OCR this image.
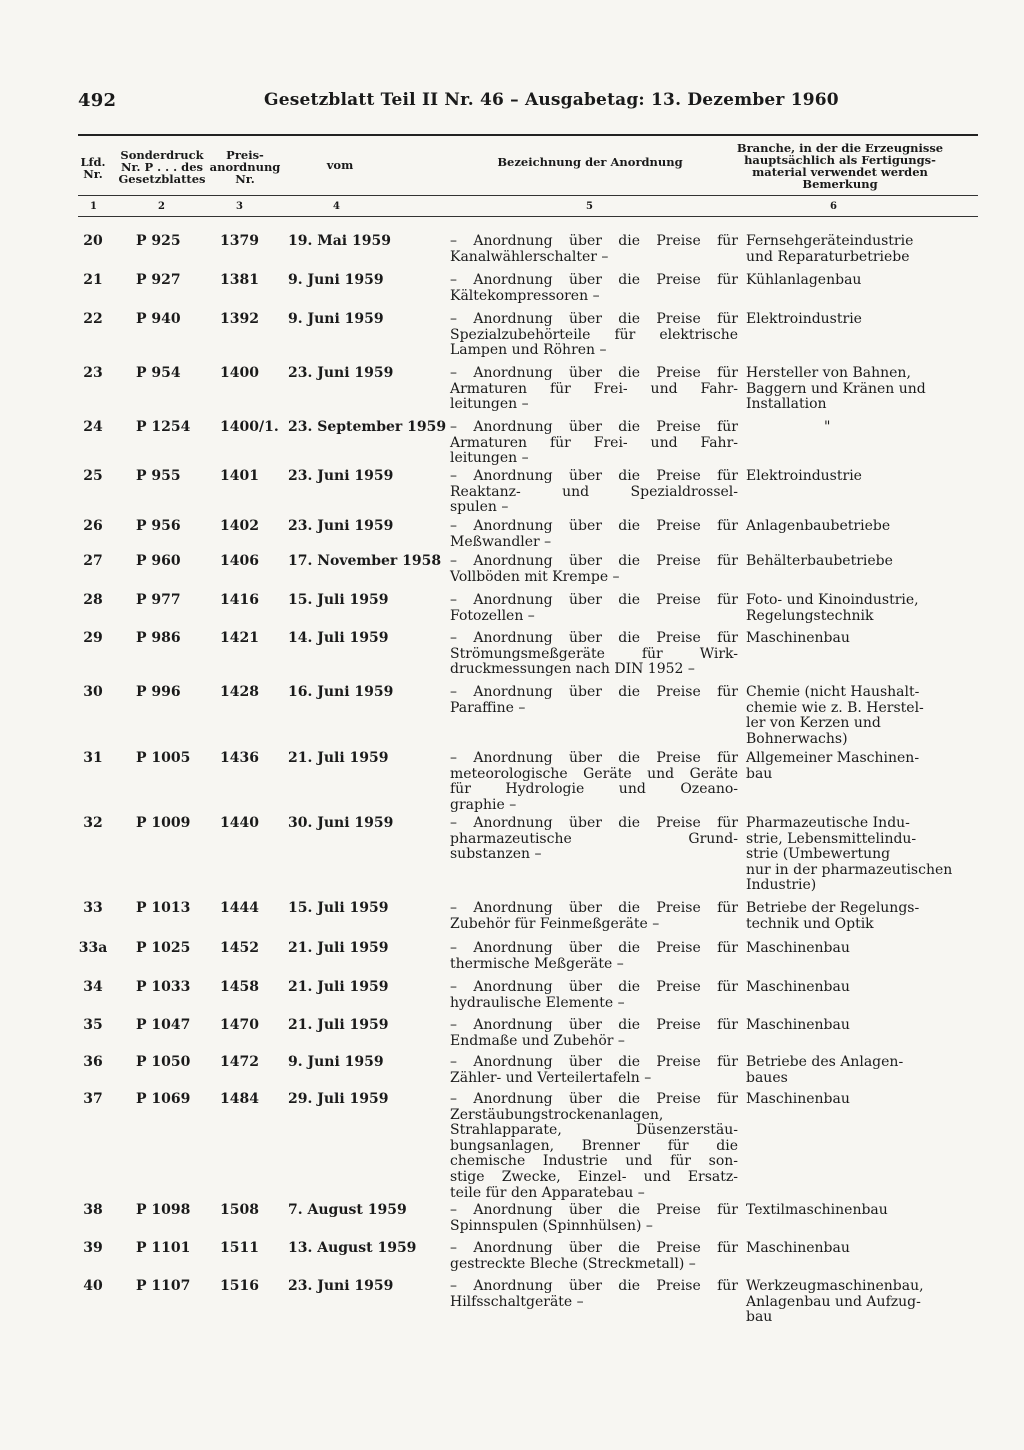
492	Gesetzblatt Teil II Nr. 46 – Ausgabetag: 13. Dezember 1960
Lfd.
Nr.
Sonderdruck
Nr. P . . . des
Gesetzblattes
Preis-
anordnung
Nr.
vom	Bezeichnung der Anordnung
Branche, in der die Erzeugnisse
hauptsächlich als Fertigungs-
material verwendet werden
Bemerkung
1	2	3	4	5	6
20	P 925	1379	19. Mai 1959	– Anordnung über die Preise für
Kanalwählerschalter –
Fernsehgeräteindustrie
und Reparaturbetriebe
21	P 927	1381	9. Juni 1959	– Anordnung über die Preise für
Kältekompressoren –
Kühlanlagenbau
22	P 940	1392	9. Juni 1959	– Anordnung über die Preise für
Spezialzubehörteile für elektrische
Lampen und Röhren –
Elektroindustrie
23	P 954	1400	23. Juni 1959	– Anordnung über die Preise für
Armaturen für Frei- und Fahr-
leitungen –
Hersteller von Bahnen,
Baggern und Kränen und
Installation
24	P 1254	1400/1. 23. September 1959 – Anordnung über die Preise für
Armaturen für Frei- und Fahr-
leitungen –
"
25	P 955	1401	23. Juni 1959	– Anordnung über die Preise für
Reaktanz- und Spezialdrossel-
spulen –
Elektroindustrie
26	P 956	1402	23. Juni 1959	– Anordnung über die Preise für
Meßwandler –
Anlagenbaubetriebe
27	P 960	1406	17. November 1958 – Anordnung über die Preise für
Vollböden mit Krempe –
Behälterbaubetriebe
28	P 977	1416	15. Juli 1959	– Anordnung über die Preise für
Fotozellen –
Foto- und Kinoindustrie,
Regelungstechnik
29	P 986	1421	14. Juli 1959	– Anordnung über die Preise für
Strömungsmeßgeräte für Wirk-
druckmessungen nach DIN 1952 –
Maschinenbau
30	P 996	1428	16. Juni 1959	– Anordnung über die Preise für
Paraffine –
Chemie (nicht Haushalt-
chemie wie z. B. Herstel-
ler von Kerzen und
Bohnerwachs)
31	P 1005	1436	21. Juli 1959	– Anordnung über die Preise für
meteorologische Geräte und Geräte
für Hydrologie und Ozeano-
graphie –
Allgemeiner Maschinen-
bau
32	P 1009	1440	30. Juni 1959	– Anordnung über die Preise für
pharmazeutische Grund-
substanzen –
Pharmazeutische Indu-
strie, Lebensmittelindu-
strie (Umbewertung
nur in der pharmazeutischen
Industrie)
33	P 1013	1444	15. Juli 1959	– Anordnung über die Preise für
Zubehör für Feinmeßgeräte –
Betriebe der Regelungs-
technik und Optik
33a P 1025	1452	21. Juli 1959	– Anordnung über die Preise für
thermische Meßgeräte –
Maschinenbau
34	P 1033	1458	21. Juli 1959	– Anordnung über die Preise für
hydraulische Elemente –
Maschinenbau
35	P 1047	1470	21. Juli 1959	– Anordnung über die Preise für
Endmaße und Zubehör –
Maschinenbau
36	P 1050	1472	9. Juni 1959	– Anordnung über die Preise für
Zähler- und Verteilertafeln –
Betriebe des Anlagen-
baues
37	P 1069	1484	29. Juli 1959	– Anordnung über die Preise für
Zerstäubungstrockenanlagen,
Strahlapparate, Düsenzerstäu-
bungsanlagen, Brenner für die
chemische Industrie und für son-
stige Zwecke, Einzel- und Ersatz-
teile für den Apparatebau –
Maschinenbau
38	P 1098	1508	7. August 1959	– Anordnung über die Preise für
Spinnspulen (Spinnhülsen) –
Textilmaschinenbau
39	P 1101	1511	13. August 1959	– Anordnung über die Preise für
gestreckte Bleche (Streckmetall) –
Maschinenbau
40	P 1107	1516	23. Juni 1959	– Anordnung über die Preise für
Hilfsschaltgeräte –
Werkzeugmaschinenbau,
Anlagenbau und Aufzug-
bau
